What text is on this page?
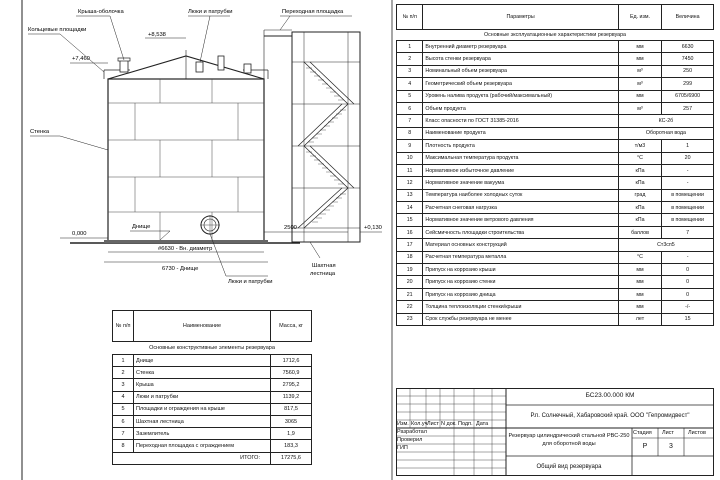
Крыша-оболочка	Люки и патрубки	Переходная площадка
Кольцевые площадки
Стенка
Днище
Люки и патрубки
Шахтная
лестница
#6630 - Вн. диаметр
6730 - Днище
+8,538
+7,460
0,000
+0,130
2500
Основные эксплуатационные характеристики резервуара			
№ п/п	Параметры	Ед. изм.	Величина
1	Внутренний диаметр резервуара	мм	6630
2	Высота стенки резервуара	мм	7450
3	Номинальный объем резервуара	м³	250
4	Геометрический объем резервуара	м³	299
5	Уровень налива продукта (рабочий/максимальный)	мм	6705/6900
6	Объем продукта	м³	257
7	Класс опасности по ГОСТ 31385-2016	КС-2б	
8	Наименование продукта	Оборотная вода	
9	Плотность продукта	т/м3	1
10	Максимальная температура продукта	°С	20
11	Нормативное избыточное давление	кПа	-
12	Нормативное значение вакуума	кПа	-
13	Температура наиболее холодных суток	град	в помещении
14	Расчетная снеговая нагрузка	кПа	в помещении
15	Нормативное значение ветрового давления	кПа	в помещении
16	Сейсмичность площадки строительства	баллов	7
17	Материал основных конструкций	Ст3сп5	
18	Расчетная температура металла	°С	-
19	Припуск на коррозию крыши	мм	0
20	Припуск на коррозию стенки	мм	0
21	Припуск на коррозию днища	мм	0
22	Толщина теплоизоляции стенки/крыши	мм	-/-
23	Срок службы резервуара не менее	лет	15
Основные конструктивные элементы резервуара		
№ п/п	Наименование	Масса, кг
1	Днище	1712,6
2	Стенка	7560,9
3	Крыша	2795,2
4	Люки и патрубки	1139,2
5	Площадки и ограждения на крыше	817,5
6	Шахтная лестница	3065
7	Заземлитель	1,9
8	Переходная площадка с ограждением	183,3
ИТОГО:		17275,6
Изм. Кол.уч Лист N док. Подп. Дата
Разработал
Проверил
ГИП
БС23.00.000 КМ
Р.п. Солнечный, Хабаровский край. ООО "Гепромидвест"
Резервуар цилиндрический стальной РВС-250 для оборотной воды
Стадия Лист	Листов
Р	3
Общий вид резервуара
